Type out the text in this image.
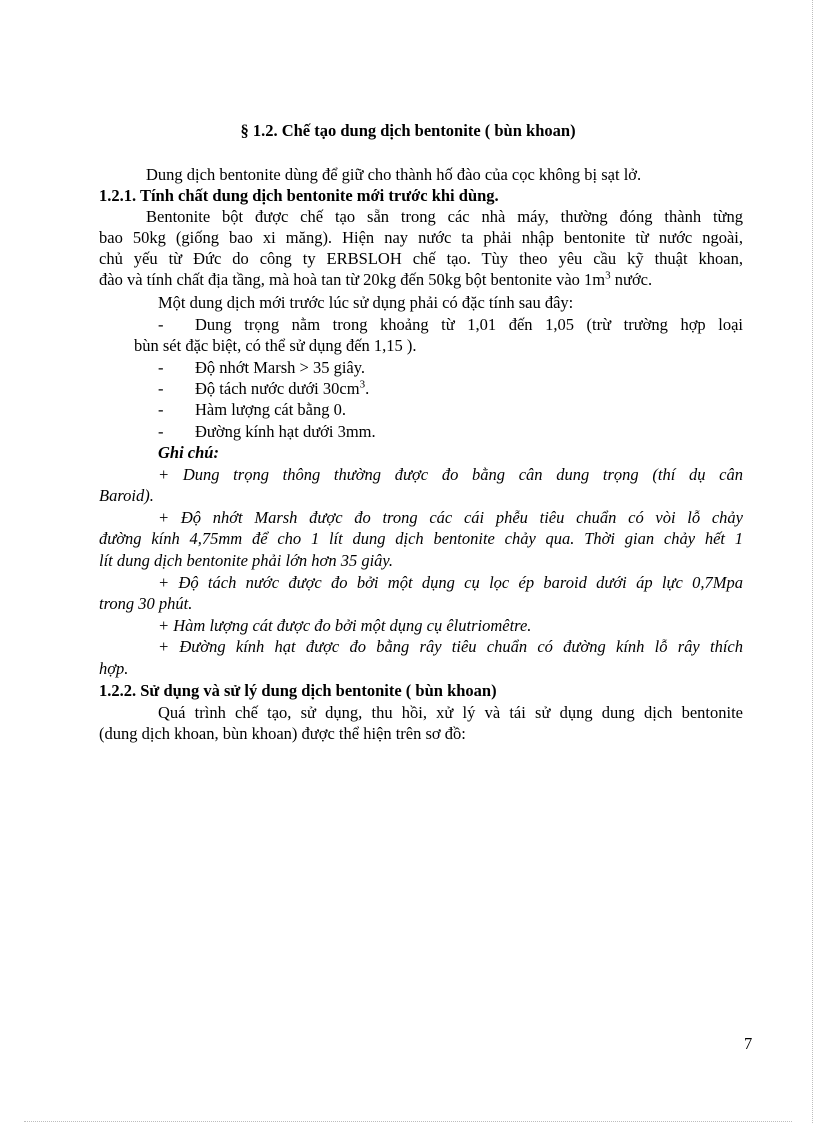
§ 1.2. Chế tạo dung dịch bentonite ( bùn khoan)
Dung dịch bentonite dùng để giữ cho thành hố đào của cọc không bị sạt lở.
1.2.1. Tính chất dung dịch bentonite mới trước khi dùng.
Bentonite bột được chế tạo sẵn trong các nhà máy, thường đóng thành từng
bao 50kg (giống bao xi măng). Hiện nay nước ta phải nhập bentonite từ nước ngoài,
chủ yếu từ Đức do công ty ERBSLOH chế tạo. Tùy theo yêu cầu kỹ thuật khoan,
đào và tính chất địa tầng, mà hoà tan từ 20kg đến 50kg bột bentonite vào $1m^3$ nước.
Một dung dịch mới trước lúc sử dụng phải có đặc tính sau đây:
- Dung trọng nằm trong khoảng từ 1,01 đến 1,05 (trừ trường hợp loại
bùn sét đặc biệt, có thể sử dụng đến 1,15 ).
- Độ nhớt Marsh > 35 giây.
- Độ tách nước dưới $30cm^3$.
- Hàm lượng cát bằng 0.
- Đường kính hạt dưới 3mm.
Ghi chú:
+ Dung trọng thông thường được đo bằng cân dung trọng (thí dụ cân
Baroid).
+ Độ nhớt Marsh được đo trong các cái phễu tiêu chuẩn có vòi lỗ chảy
đường kính 4,75mm để cho 1 lít dung dịch bentonite chảy qua. Thời gian chảy hết 1
lít dung dịch bentonite phải lớn hơn 35 giây.
+ Độ tách nước được đo bởi một dụng cụ lọc ép baroid dưới áp lực 0,7Mpa
trong 30 phút.
+ Hàm lượng cát được đo bởi một dụng cụ êlutriomêtre.
+ Đường kính hạt được đo bằng rây tiêu chuẩn có đường kính lỗ rây thích
hợp.
1.2.2. Sử dụng và sử lý dung dịch bentonite ( bùn khoan)
Quá trình chế tạo, sử dụng, thu hồi, xử lý và tái sử dụng dung dịch bentonite
(dung dịch khoan, bùn khoan) được thể hiện trên sơ đồ:
7
